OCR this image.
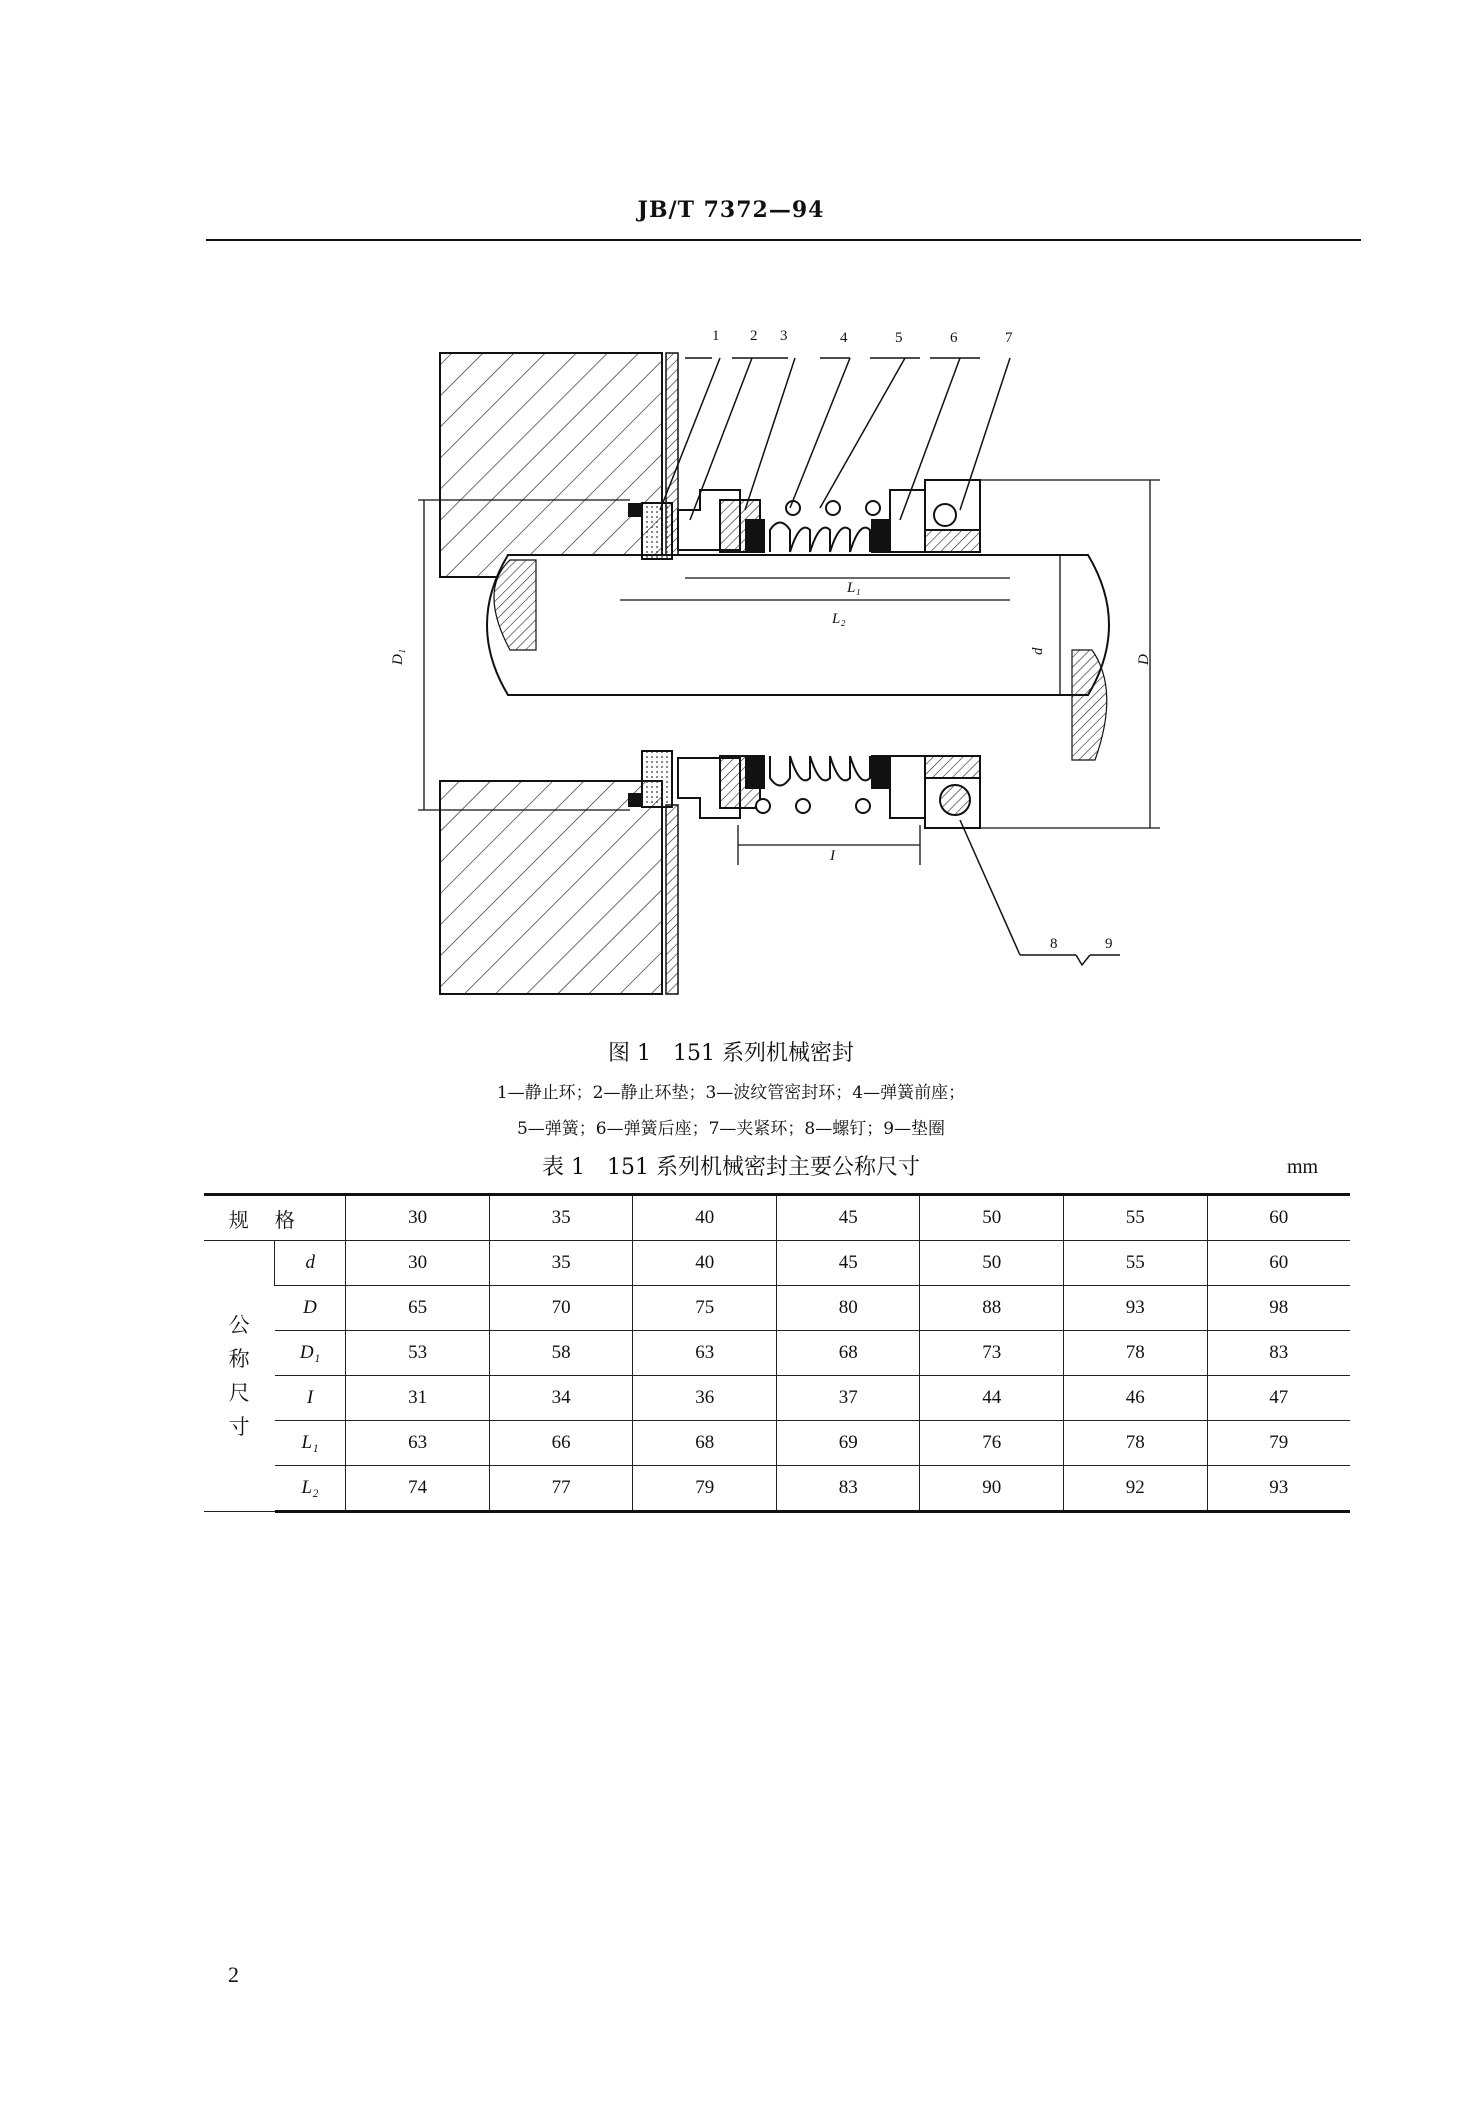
JB/T 7372—94
1 2 3	4	5	6	7
8	9
L₁
L₂
D₁	d
D
I
图 1　151 系列机械密封
1—静止环；2—静止环垫；3—波纹管密封环；4—弹簧前座；
5—弹簧；6—弹簧后座；7—夹紧环；8—螺钉；9—垫圈
表 1　151 系列机械密封主要公称尺寸	mm
规格		30	35	40	45	50	55	60
公称尺寸	d	30	35	40	45	50	55	60
	D	65	70	75	80	88	93	98
	D₁	53	58	63	68	73	78	83
	I	31	34	36	37	44	46	47
	L₁	63	66	68	69	76	78	79
	L₂	74	77	79	83	90	92	93
2
